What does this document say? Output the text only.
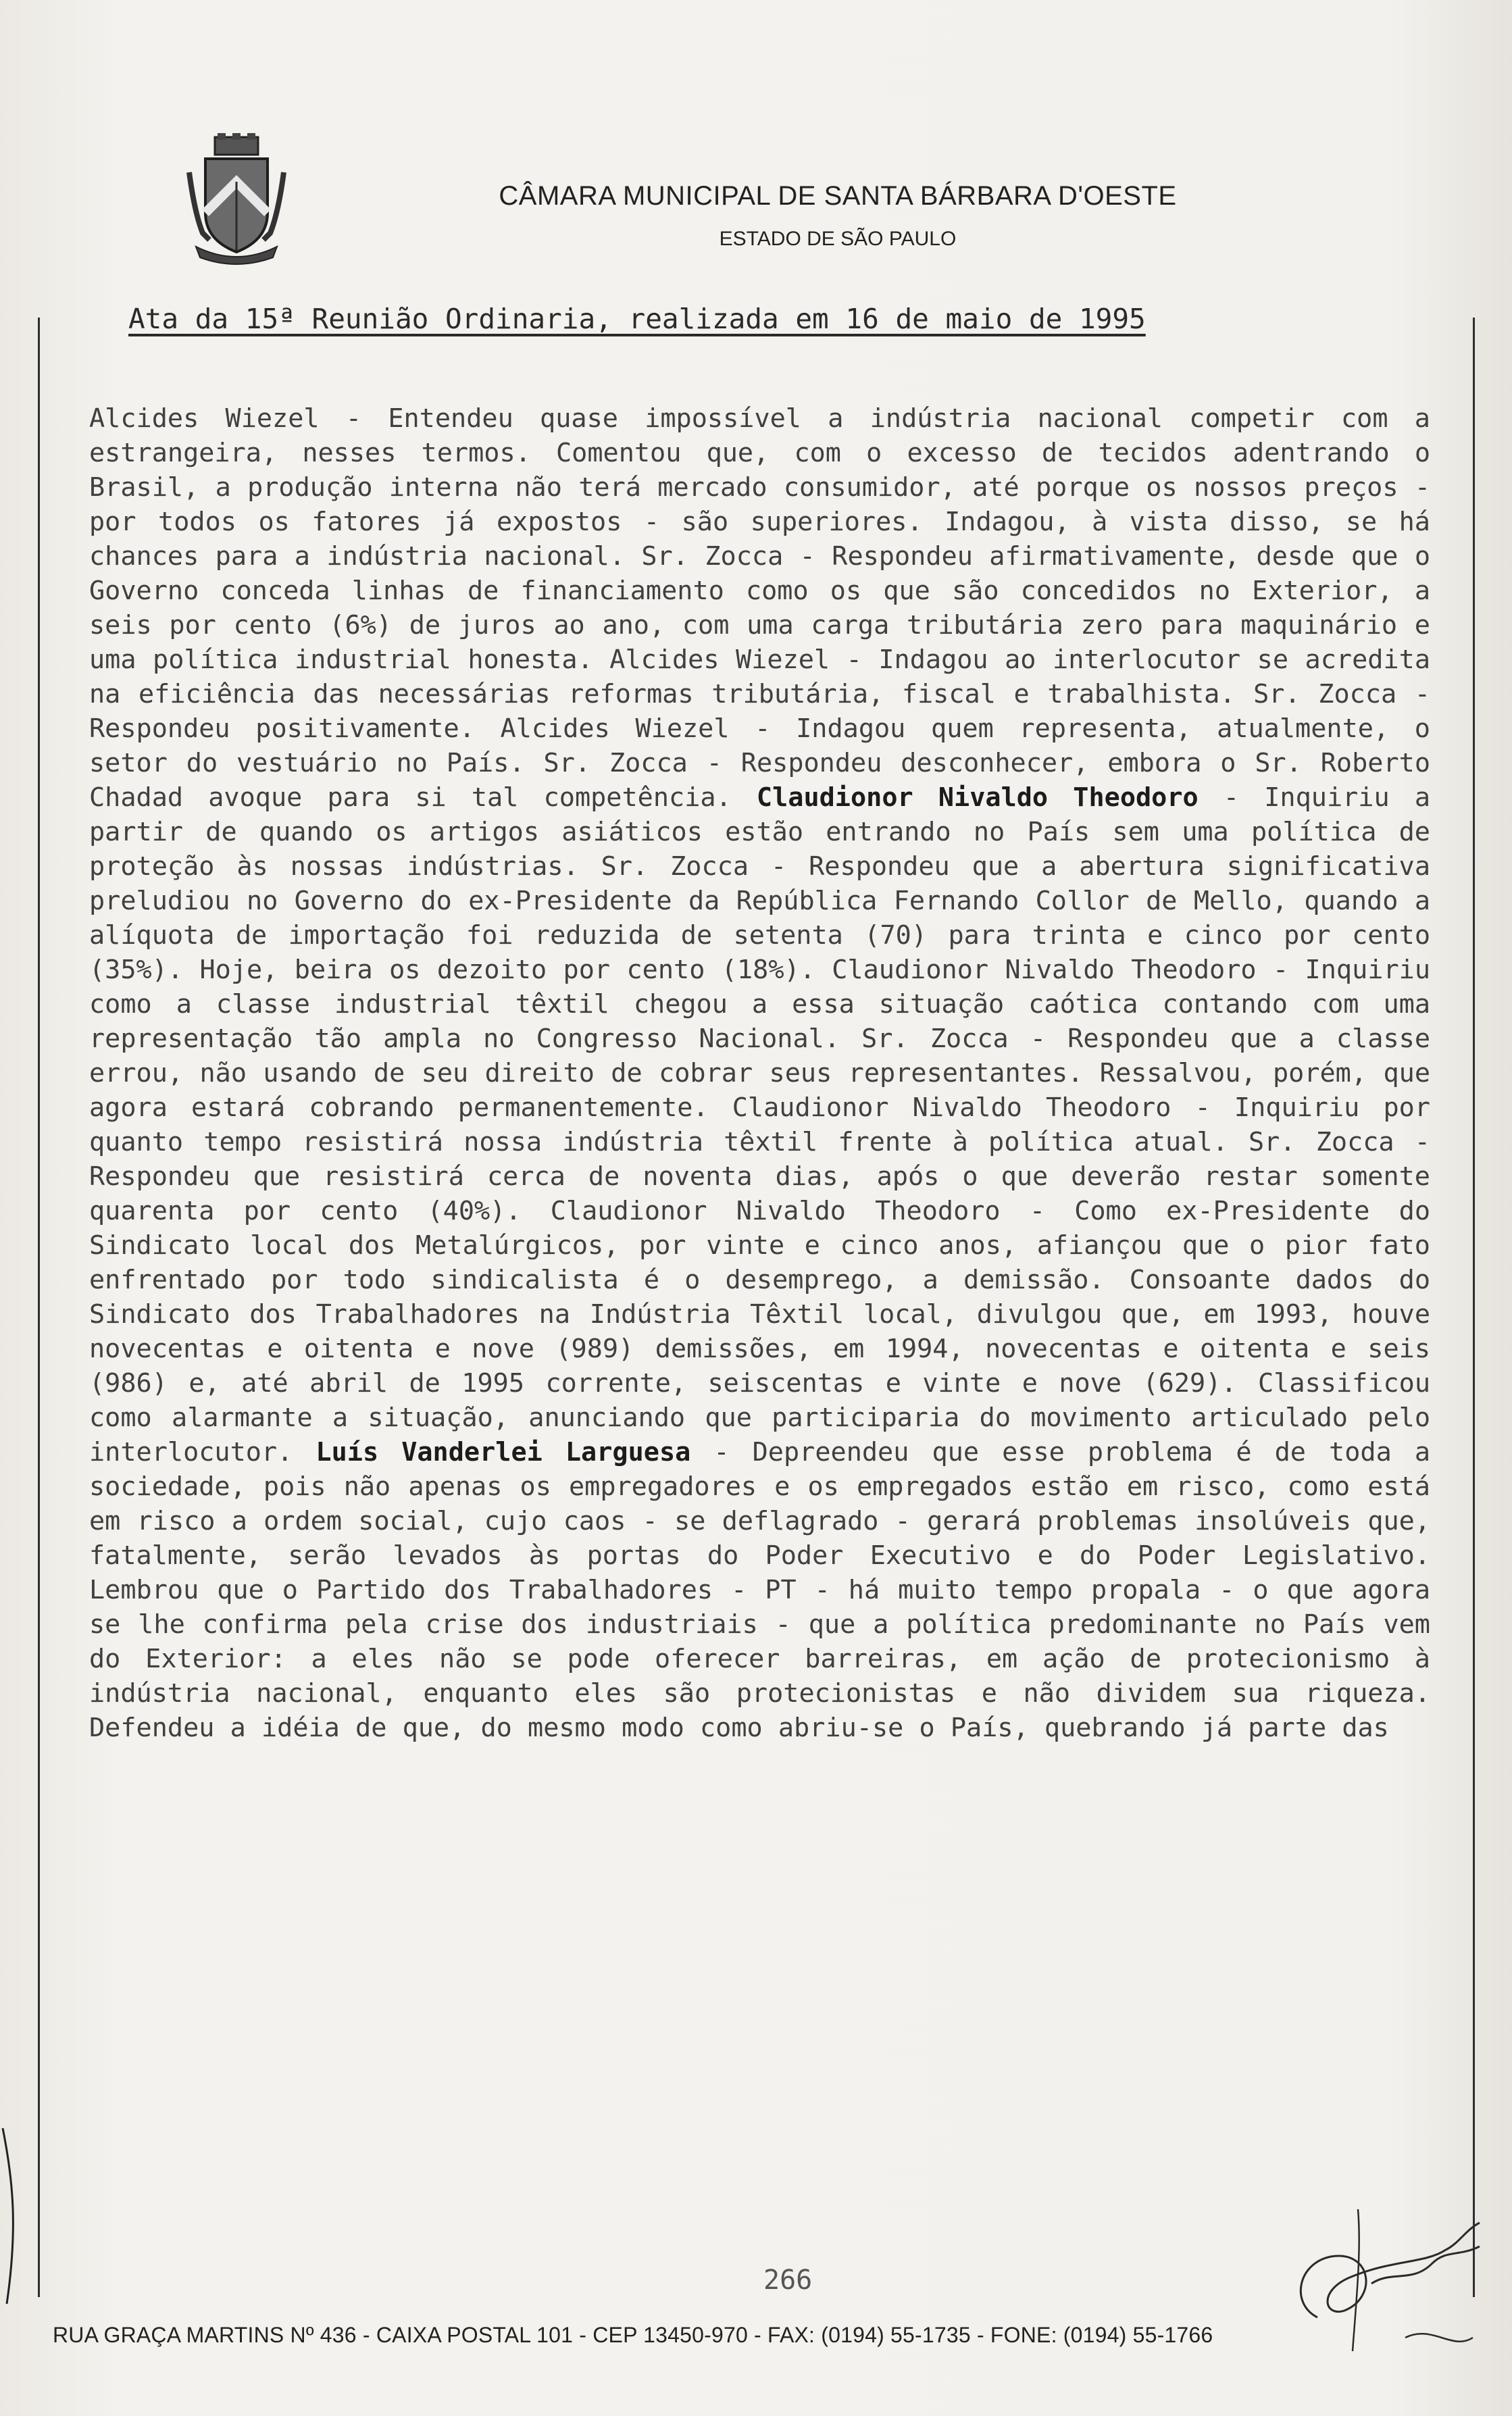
CÂMARA MUNICIPAL DE SANTA BÁRBARA D'OESTE
ESTADO DE SÃO PAULO
Ata da 15ª Reunião Ordinaria, realizada em 16 de maio de 1995

Alcides Wiezel - Entendeu quase impossível a indústria nacional competir com a estrangeira, nesses termos. Comentou que, com o excesso de tecidos adentrando o Brasil, a produção interna não terá mercado consumidor, até porque os nossos preços - por todos os fatores já expostos - são superiores. Indagou, à vista disso, se há chances para a indústria nacional. Sr. Zocca - Respondeu afirmativamente, desde que o Governo conceda linhas de financiamento como os que são concedidos no Exterior, a seis por cento (6%) de juros ao ano, com uma carga tributária zero para maquinário e uma política industrial honesta. Alcides Wiezel - Indagou ao interlocutor se acredita na eficiência das necessárias reformas tributária, fiscal e trabalhista. Sr. Zocca - Respondeu positivamente. Alcides Wiezel - Indagou quem representa, atualmente, o setor do vestuário no País. Sr. Zocca - Respondeu desconhecer, embora o Sr. Roberto Chadad avoque para si tal competência. Claudionor Nivaldo Theodoro - Inquiriu a partir de quando os artigos asiáticos estão entrando no País sem uma política de proteção às nossas indústrias. Sr. Zocca - Respondeu que a abertura significativa preludiou no Governo do ex-Presidente da República Fernando Collor de Mello, quando a alíquota de importação foi reduzida de setenta (70) para trinta e cinco por cento (35%). Hoje, beira os dezoito por cento (18%). Claudionor Nivaldo Theodoro - Inquiriu como a classe industrial têxtil chegou a essa situação caótica contando com uma representação tão ampla no Congresso Nacional. Sr. Zocca - Respondeu que a classe errou, não usando de seu direito de cobrar seus representantes. Ressalvou, porém, que agora estará cobrando permanentemente. Claudionor Nivaldo Theodoro - Inquiriu por quanto tempo resistirá nossa indústria têxtil frente à política atual. Sr. Zocca - Respondeu que resistirá cerca de noventa dias, após o que deverão restar somente quarenta por cento (40%). Claudionor Nivaldo Theodoro - Como ex-Presidente do Sindicato local dos Metalúrgicos, por vinte e cinco anos, afiançou que o pior fato enfrentado por todo sindicalista é o desemprego, a demissão. Consoante dados do Sindicato dos Trabalhadores na Indústria Têxtil local, divulgou que, em 1993, houve novecentas e oitenta e nove (989) demissões, em 1994, novecentas e oitenta e seis (986) e, até abril de 1995 corrente, seiscentas e vinte e nove (629). Classificou como alarmante a situação, anunciando que participaria do movimento articulado pelo interlocutor. Luís Vanderlei Larguesa - Depreendeu que esse problema é de toda a sociedade, pois não apenas os empregadores e os empregados estão em risco, como está em risco a ordem social, cujo caos - se deflagrado - gerará problemas insolúveis que, fatalmente, serão levados às portas do Poder Executivo e do Poder Legislativo. Lembrou que o Partido dos Trabalhadores - PT - há muito tempo propala - o que agora se lhe confirma pela crise dos industriais - que a política predominante no País vem do Exterior: a eles não se pode oferecer barreiras, em ação de protecionismo à indústria nacional, enquanto eles são protecionistas e não dividem sua riqueza. Defendeu a idéia de que, do mesmo modo como abriu-se o País, quebrando já parte das

266
RUA GRAÇA MARTINS Nº 436 - CAIXA POSTAL 101 - CEP 13450-970 - FAX: (0194) 55-1735 - FONE: (0194) 55-1766
